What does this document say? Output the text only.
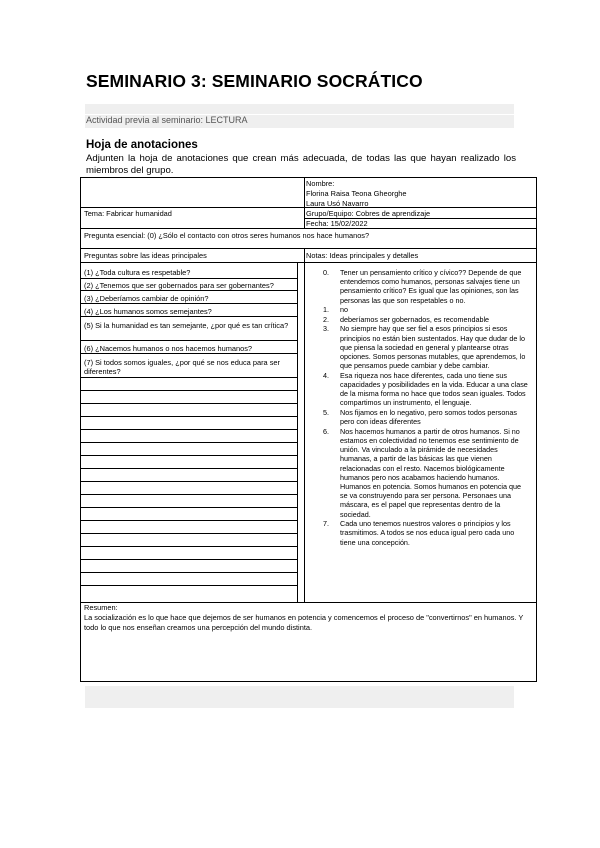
SEMINARIO 3: SEMINARIO SOCRÁTICO
Actividad previa al seminario: LECTURA
Hoja de anotaciones
Adjunten la hoja de anotaciones que crean más adecuada, de todas las que hayan realizado los miembros del grupo.
Nombre:
Florina Raisa Teona Gheorghe
Laura Usó Navarro
Tema: Fabricar humanidad	Grupo/Equipo: Cobres de aprendizaje
Fecha: 15/02/2022
Pregunta esencial: (0) ¿Sólo el contacto con otros seres humanos nos hace humanos?
Preguntas sobre las ideas principales	Notas: Ideas principales y detalles
(1) ¿Toda cultura es respetable?
(2) ¿Tenemos que ser gobernados para ser gobernantes?
(3) ¿Deberíamos cambiar de opinión?
(4) ¿Los humanos somos semejantes?
(5) Si la humanidad es tan semejante, ¿por qué es tan crítica?
(6) ¿Nacemos humanos o nos hacemos humanos?
(7) Si todos somos iguales, ¿por qué se nos educa para ser diferentes?
0. Tener un pensamiento crítico y cívico?? Depende de que entendemos como humanos, personas salvajes tiene un pensamiento crítico? Es igual que las opiniones, son las personas las que son respetables o no.
1. no
2. deberíamos ser gobernados, es recomendable
3. No siempre hay que ser fiel a esos principios si esos principios no están bien sustentados. Hay que dudar de lo que piensa la sociedad en general y plantearse otras opciones. Somos personas mutables, que aprendemos, lo que pensamos puede cambiar y debe cambiar.
4. Esa riqueza nos hace diferentes, cada uno tiene sus capacidades y posibilidades en la vida. Educar a una clase de la misma forma no hace que todos sean iguales. Todos compartimos un instrumento, el lenguaje.
5. Nos fijamos en lo negativo, pero somos todos personas pero con ideas diferentes
6. Nos hacemos humanos a partir de otros humanos. Si no estamos en colectividad no tenemos ese sentimiento de unión. Va vinculado a la pirámide de necesidades humanas, a partir de las básicas las que vienen relacionadas con el resto. Nacemos biológicamente humanos pero nos acabamos haciendo humanos. Humanos en potencia. Somos humanos en potencia que se va construyendo para ser persona. Personaes una máscara, es el papel que representas dentro de la sociedad.
7. Cada uno tenemos nuestros valores o principios y los trasmitimos. A todos se nos educa igual pero cada uno tiene una concepción.
Resumen:
La socialización es lo que hace que dejemos de ser humanos en potencia y comencemos el proceso de "convertirnos" en humanos. Y todo lo que nos enseñan creamos una percepción del mundo distinta.
